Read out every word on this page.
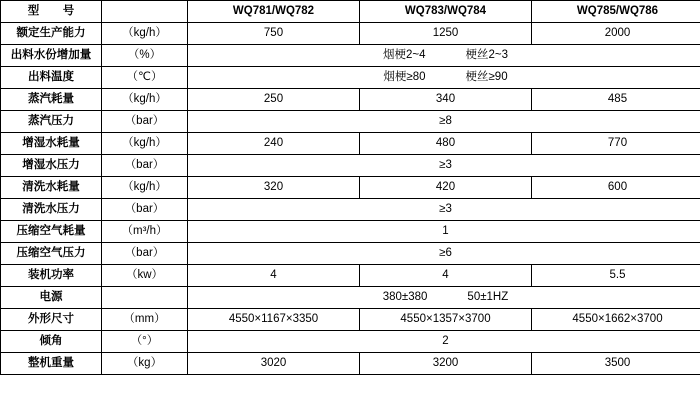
型　号		WQ781/WQ782	WQ783/WQ784	WQ785/WQ786
额定生产能力	（kg/h）	750	1250	2000
出料水份增加量	（%）	烟梗2~4 梗丝2~3		
出料温度	（℃）	烟梗≥80 梗丝≥90		
蒸汽耗量	（kg/h）	250	340	485
蒸汽压力	（bar）	≥8		
增湿水耗量	（kg/h）	240	480	770
增湿水压力	（bar）	≥3		
清洗水耗量	（kg/h）	320	420	600
清洗水压力	（bar）	≥3		
压缩空气耗量	（m³/h）	1		
压缩空气压力	（bar）	≥6		
装机功率	（kw）	4	4	5.5
电源		380±380 50±1HZ		
外形尺寸	（mm）	4550×1167×3350	4550×1357×3700	4550×1662×3700
倾角	（°）	2		
整机重量	（kg）	3020	3200	3500
